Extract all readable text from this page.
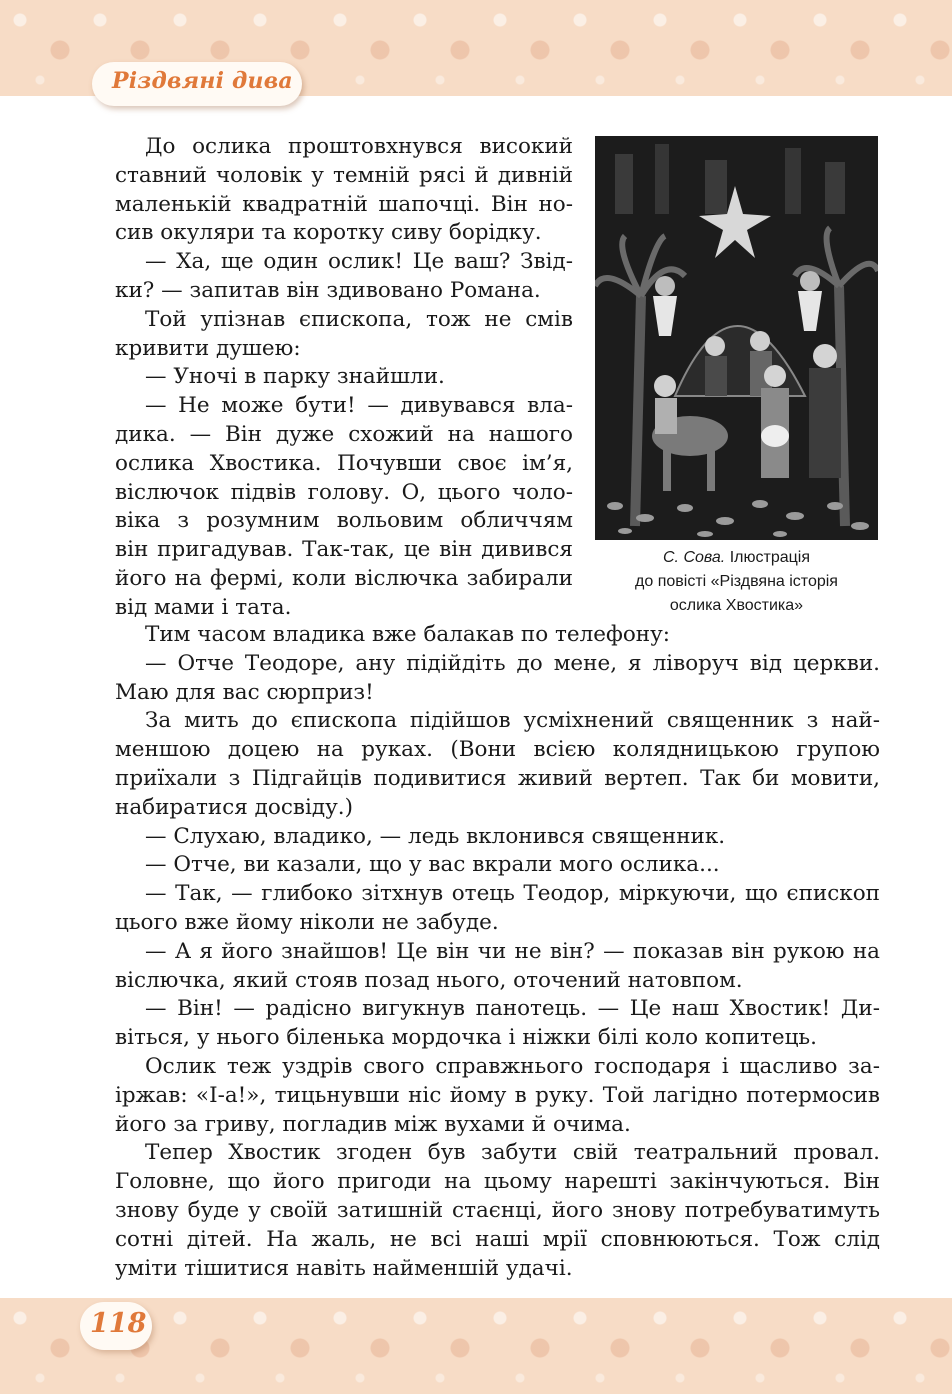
Різдвяні дива
До ослика проштовхнувся високий
ставний чоловік у темній рясі й дивній
маленькій квадратній шапочці. Він но-
сив окуляри та коротку сиву борідку.
— Ха, ще один ослик! Це ваш? Звід-
ки? — запитав він здивовано Романа.
Той упізнав єпископа, тож не смів
кривити душею:
— Уночі в парку знайшли.
— Не може бути! — дивувався вла-
дика. — Він дуже схожий на нашого
ослика Хвостика. Почувши своє ім’я,
віслючок підвів голову. О, цього чоло-
віка з розумним вольовим обличчям
він пригадував. Так-так, це він дивився
його на фермі, коли віслючка забирали
від мами і тата.
С. Сова. Ілюстрація
до повісті «Різдвяна історія
ослика Хвостика»
Тим часом владика вже балакав по телефону:
— Отче Теодоре, ану підійдіть до мене, я ліворуч від церкви.
Маю для вас сюрприз!
За мить до єпископа підійшов усміхнений священник з най-
меншою доцею на руках. (Вони всією колядницькою групою
приїхали з Підгайців подивитися живий вертеп. Так би мовити,
набиратися досвіду.)
— Слухаю, владико, — ледь вклонився священник.
— Отче, ви казали, що у вас вкрали мого ослика...
— Так, — глибоко зітхнув отець Теодор, міркуючи, що єпископ
цього вже йому ніколи не забуде.
— А я його знайшов! Це він чи не він? — показав він рукою на
віслючка, який стояв позад нього, оточений натовпом.
— Він! — радісно вигукнув панотець. — Це наш Хвостик! Ди-
віться, у нього біленька мордочка і ніжки білі коло копитець.
Ослик теж уздрів свого справжнього господаря і щасливо за-
іржав: «І-а!», тицьнувши ніс йому в руку. Той лагідно потермосив
його за гриву, погладив між вухами й очима.
Тепер Хвостик згоден був забути свій театральний провал.
Головне, що його пригоди на цьому нарешті закінчуються. Він
знову буде у своїй затишній стаєнці, його знову потребуватимуть
сотні дітей. На жаль, не всі наші мрії сповнюються. Тож слід
уміти тішитися навіть найменшій удачі.
118
